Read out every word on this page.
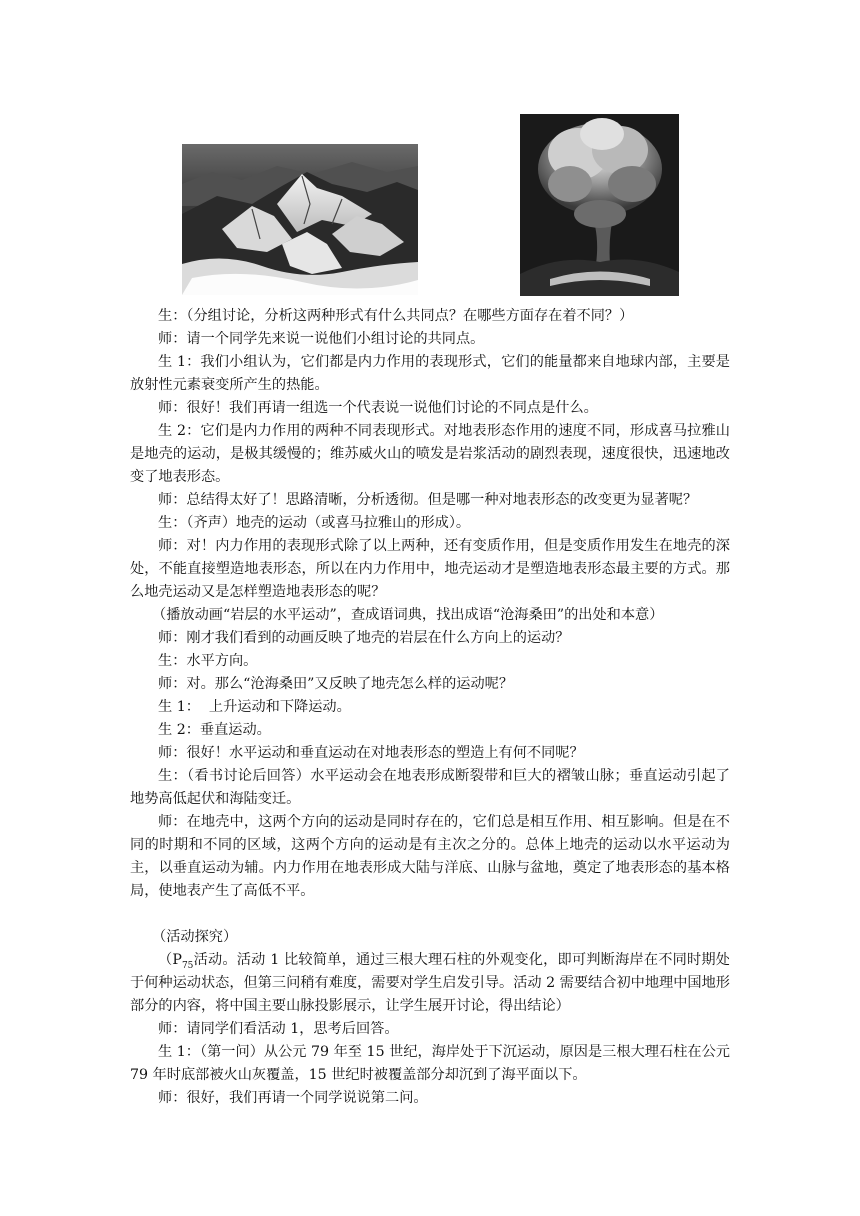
生：（分组讨论，分析这两种形式有什么共同点？在哪些方面存在着不同？）

师：请一个同学先来说一说他们小组讨论的共同点。

生 1：我们小组认为，它们都是内力作用的表现形式，它们的能量都来自地球内部，主要是放射性元素衰变所产生的热能。

师：很好！我们再请一组选一个代表说一说他们讨论的不同点是什么。

生 2：它们是内力作用的两种不同表现形式。对地表形态作用的速度不同，形成喜马拉雅山是地壳的运动，是极其缓慢的；维苏威火山的喷发是岩浆活动的剧烈表现，速度很快，迅速地改变了地表形态。

师：总结得太好了！思路清晰，分析透彻。但是哪一种对地表形态的改变更为显著呢？

生：（齐声）地壳的运动（或喜马拉雅山的形成）。

师：对！内力作用的表现形式除了以上两种，还有变质作用，但是变质作用发生在地壳的深处，不能直接塑造地表形态，所以在内力作用中，地壳运动才是塑造地表形态最主要的方式。那么地壳运动又是怎样塑造地表形态的呢？

（播放动画“岩层的水平运动”，查成语词典，找出成语“沧海桑田”的出处和本意）

师：刚才我们看到的动画反映了地壳的岩层在什么方向上的运动？

生：水平方向。

师：对。那么“沧海桑田”又反映了地壳怎么样的运动呢？

生 1：  上升运动和下降运动。

生 2：垂直运动。

师：很好！水平运动和垂直运动在对地表形态的塑造上有何不同呢？

生：（看书讨论后回答）水平运动会在地表形成断裂带和巨大的褶皱山脉；垂直运动引起了地势高低起伏和海陆变迁。

师：在地壳中，这两个方向的运动是同时存在的，它们总是相互作用、相互影响。但是在不同的时期和不同的区域，这两个方向的运动是有主次之分的。总体上地壳的运动以水平运动为主，以垂直运动为辅。内力作用在地表形成大陆与洋底、山脉与盆地，奠定了地表形态的基本格局，使地表产生了高低不平。

（活动探究）

（$P_{75}$活动。活动 1 比较简单，通过三根大理石柱的外观变化，即可判断海岸在不同时期处于何种运动状态，但第三问稍有难度，需要对学生启发引导。活动 2 需要结合初中地理中国地形部分的内容，将中国主要山脉投影展示，让学生展开讨论，得出结论）

师：请同学们看活动 1，思考后回答。

生 1：（第一问）从公元 79 年至 15 世纪，海岸处于下沉运动，原因是三根大理石柱在公元 79 年时底部被火山灰覆盖，15 世纪时被覆盖部分却沉到了海平面以下。

师：很好，我们再请一个同学说说第二问。
